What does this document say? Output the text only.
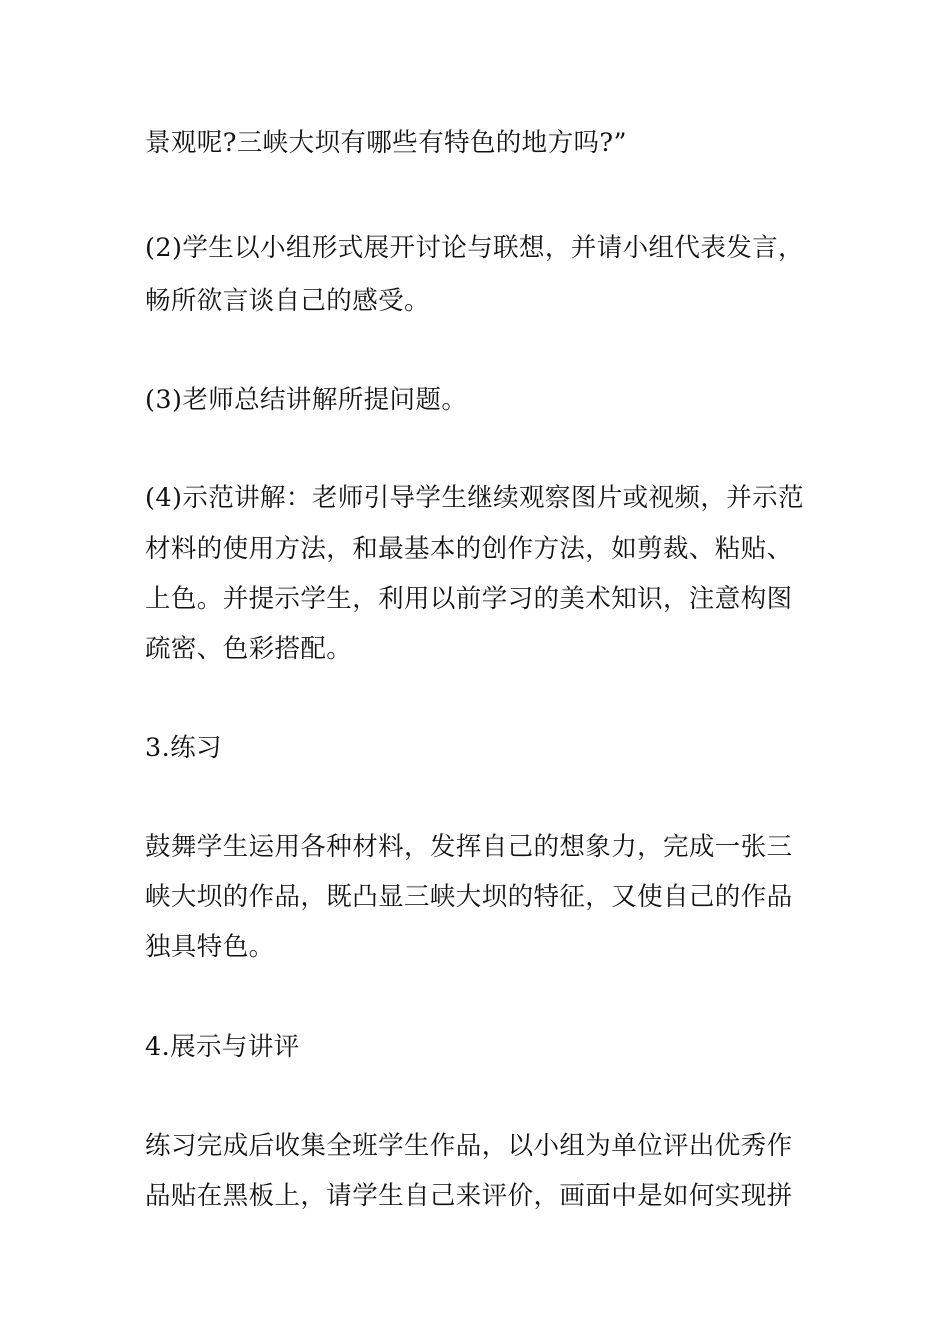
景观呢?三峡大坝有哪些有特色的地方吗?”
(2)学生以小组形式展开讨论与联想，并请小组代表发言，
畅所欲言谈自己的感受。
(3)老师总结讲解所提问题。
(4)示范讲解：老师引导学生继续观察图片或视频，并示范
材料的使用方法，和最基本的创作方法，如剪裁、粘贴、
上色。并提示学生，利用以前学习的美术知识，注意构图
疏密、色彩搭配。
3.练习
鼓舞学生运用各种材料，发挥自己的想象力，完成一张三
峡大坝的作品，既凸显三峡大坝的特征，又使自己的作品
独具特色。
4.展示与讲评
练习完成后收集全班学生作品，以小组为单位评出优秀作
品贴在黑板上，请学生自己来评价，画面中是如何实现拼
